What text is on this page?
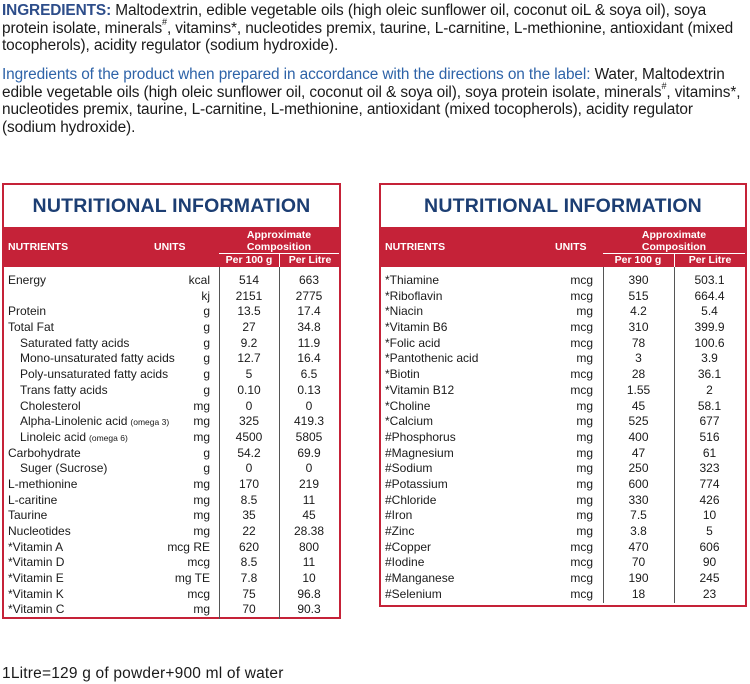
INGREDIENTS: Maltodextrin, edible vegetable oils (high oleic sunflower oil, coconut oiL & soya oil), soya protein isolate, minerals#, vitamins*, nucleotides premix, taurine, L-carnitine, L-methionine, antioxidant (mixed tocopherols), acidity regulator (sodium hydroxide).
Ingredients of the product when prepared in accordance with the directions on the label: Water, Maltodextrin edible vegetable oils (high oleic sunflower oil, coconut oil & soya oil), soya protein isolate, minerals#, vitamins*, nucleotides premix, taurine, L-carnitine, L-methionine, antioxidant (mixed tocopherols), acidity regulator (sodium hydroxide).
NUTRITIONAL INFORMATION
NUTRIENTS	UNITS
Approximate
Composition
Per 100 g	Per Litre
Energy	kcal	514	663
kj	2151	2775
Protein	g	13.5	17.4
Total Fat	g	27	34.8
Saturated fatty acids	g	9.2	11.9
Mono-unsaturated fatty acids	g	12.7	16.4
Poly-unsaturated fatty acids	g	5	6.5
Trans fatty acids	g	0.10	0.13
Cholesterol	mg	0	0
Alpha-Linolenic acid (omega 3)	mg	325	419.3
Linoleic acid (omega 6)	mg	4500	5805
Carbohydrate	g	54.2	69.9
Suger (Sucrose)	g	0	0
L-methionine	mg	170	219
L-caritine	mg	8.5	11
Taurine	mg	35	45
Nucleotides	mg	22	28.38
*Vitamin A	mcg RE	620	800
*Vitamin D	mcg	8.5	11
*Vitamin E	mg TE	7.8	10
*Vitamin K	mcg	75	96.8
*Vitamin C	mg	70	90.3
NUTRITIONAL INFORMATION
NUTRIENTS	UNITS
Approximate
Composition
Per 100 g	Per Litre
*Thiamine	mcg	390	503.1
*Riboflavin	mcg	515	664.4
*Niacin	mg	4.2	5.4
*Vitamin B6	mcg	310	399.9
*Folic acid	mcg	78	100.6
*Pantothenic acid	mg	3	3.9
*Biotin	mcg	28	36.1
*Vitamin B12	mcg	1.55	2
*Choline	mg	45	58.1
*Calcium	mg	525	677
#Phosphorus	mg	400	516
#Magnesium	mg	47	61
#Sodium	mg	250	323
#Potassium	mg	600	774
#Chloride	mg	330	426
#Iron	mg	7.5	10
#Zinc	mg	3.8	5
#Copper	mcg	470	606
#Iodine	mcg	70	90
#Manganese	mcg	190	245
#Selenium	mcg	18	23
1Litre=129 g of powder+900 ml of water
